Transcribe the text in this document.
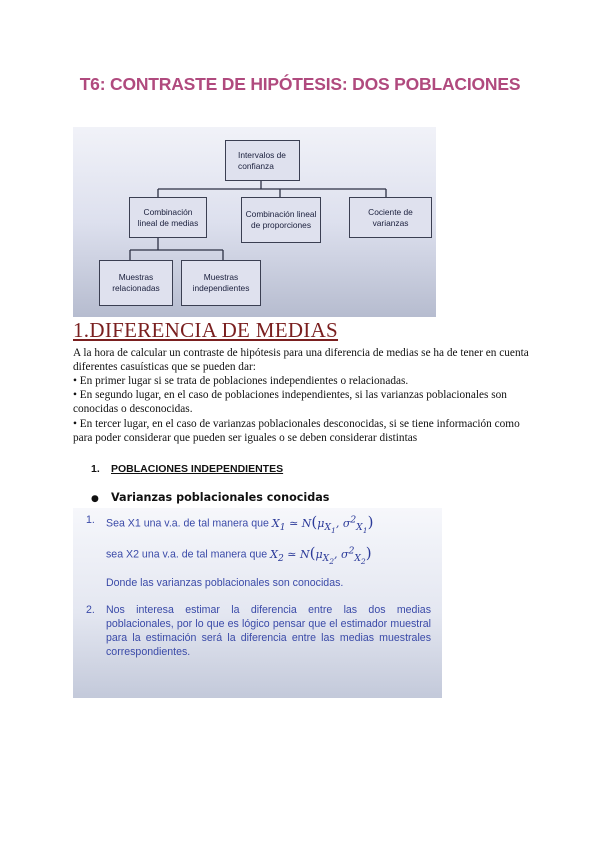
T6: CONTRASTE DE HIPÓTESIS: DOS POBLACIONES
Intervalos de confianza
Combinación lineal de medias
Combinación lineal de proporciones
Cociente de varianzas
Muestras relacionadas
Muestras independientes
1.DIFERENCIA DE MEDIAS
A la hora de calcular un contraste de hipótesis para una diferencia de medias se ha de tener en cuenta diferentes casuísticas que se pueden dar:
• En primer lugar si se trata de poblaciones independientes o relacionadas.
• En segundo lugar, en el caso de poblaciones independientes, si las varianzas poblacionales son conocidas o desconocidas.
• En tercer lugar, en el caso de varianzas poblacionales desconocidas, si se tiene información como para poder considerar que pueden ser iguales o se deben considerar distintas
1. POBLACIONES INDEPENDIENTES
● Varianzas poblacionales conocidas
1. Sea X1 una v.a. de tal manera que $X_1$ ≃ $N(\mu_{X_1}$, $\sigma^2_{X_1}$)
sea X2 una v.a. de tal manera que $X_2$ ≃ $N(\mu_{X_2}$, $\sigma^2_{X_2}$)
Donde las varianzas poblacionales son conocidas.
2. Nos interesa estimar la diferencia entre las dos medias poblacionales, por lo que es lógico pensar que el estimador muestral para la estimación será la diferencia entre las medias muestrales correspondientes.
